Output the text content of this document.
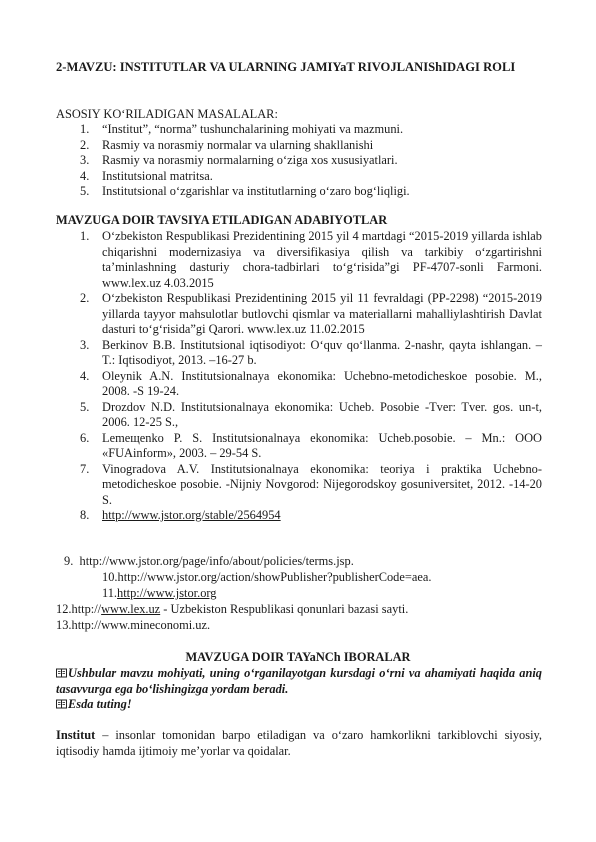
2-MAVZU: INSTITUTLAR VA ULARNING JAMIYaT RIVOJLANIShIDAGI ROLI
ASOSIY KO‘RILADIGAN MASALALAR:
1. “Institut”, “norma” tushunchalarining mohiyati va mazmuni.
2. Rasmiy va norasmiy normalar va ularning shakllanishi
3. Rasmiy va norasmiy normalarning o‘ziga xos xususiyatlari.
4. Institutsional matritsa.
5. Institutsional o‘zgarishlar va institutlarning o‘zaro bog‘liqligi.
MAVZUGA DOIR TAVSIYA ETILADIGAN ADABIYOTLAR
1. O‘zbekiston Respublikasi Prezidentining 2015 yil 4 martdagi “2015-2019 yillarda ishlab chiqarishni modernizasiya va diversifikasiya qilish va tarkibiy o‘zgartirishni ta’minlashning dasturiy chora-tadbirlari to‘g‘risida”gi PF-4707-sonli Farmoni. www.lex.uz 4.03.2015
2. O‘zbekiston Respublikasi Prezidentining 2015 yil 11 fevraldagi (PP-2298) “2015-2019 yillarda tayyor mahsulotlar butlovchi qismlar va materiallarni mahalliylashtirish Davlat dasturi to‘g‘risida”gi Qarori. www.lex.uz 11.02.2015
3. Berkinov B.B. Institutsional iqtisodiyot: O‘quv qo‘llanma. 2-nashr, qayta ishlangan. – T.: Iqtisodiyot, 2013. –16-27 b.
4. Oleynik A.N. Institutsionalnaya ekonomika: Uchebno-metodicheskoe posobie. M., 2008. -S 19-24.
5. Drozdov N.D. Institutsionalnaya ekonomika: Ucheb. Posobie -Tver: Tver. gos. un-t, 2006. 12-25 S.,
6. Lemeщenko P. S. Institutsionalnaya ekonomika: Ucheb.posobie. – Mn.: OOO «FUAinform», 2003. – 29-54 S.
7. Vinogradova A.V. Institutsionalnaya ekonomika: teoriya i praktika Uchebno-metodicheskoe posobie. -Nijniy Novgorod: Nijegorodskoy gosuniversitet, 2012. -14-20 S.
8. http://www.jstor.org/stable/2564954
9. http://www.jstor.org/page/info/about/policies/terms.jsp.
10.http://www.jstor.org/action/showPublisher?publisherCode=aea.
11.http://www.jstor.org
12.http://www.lex.uz - Uzbekiston Respublikasi qonunlari bazasi sayti.
13.http://www.mineconomi.uz.
MAVZUGA DOIR TAYaNCh IBORALAR
Ushbular mavzu mohiyati, uning o‘rganilayotgan kursdagi o‘rni va ahamiyati haqida aniq tasavvurga ega bo‘lishingizga yordam beradi.
Esda tuting!
Institut – insonlar tomonidan barpo etiladigan va o‘zaro hamkorlikni tarkiblovchi siyosiy, iqtisodiy hamda ijtimoiy me’yorlar va qoidalar.
